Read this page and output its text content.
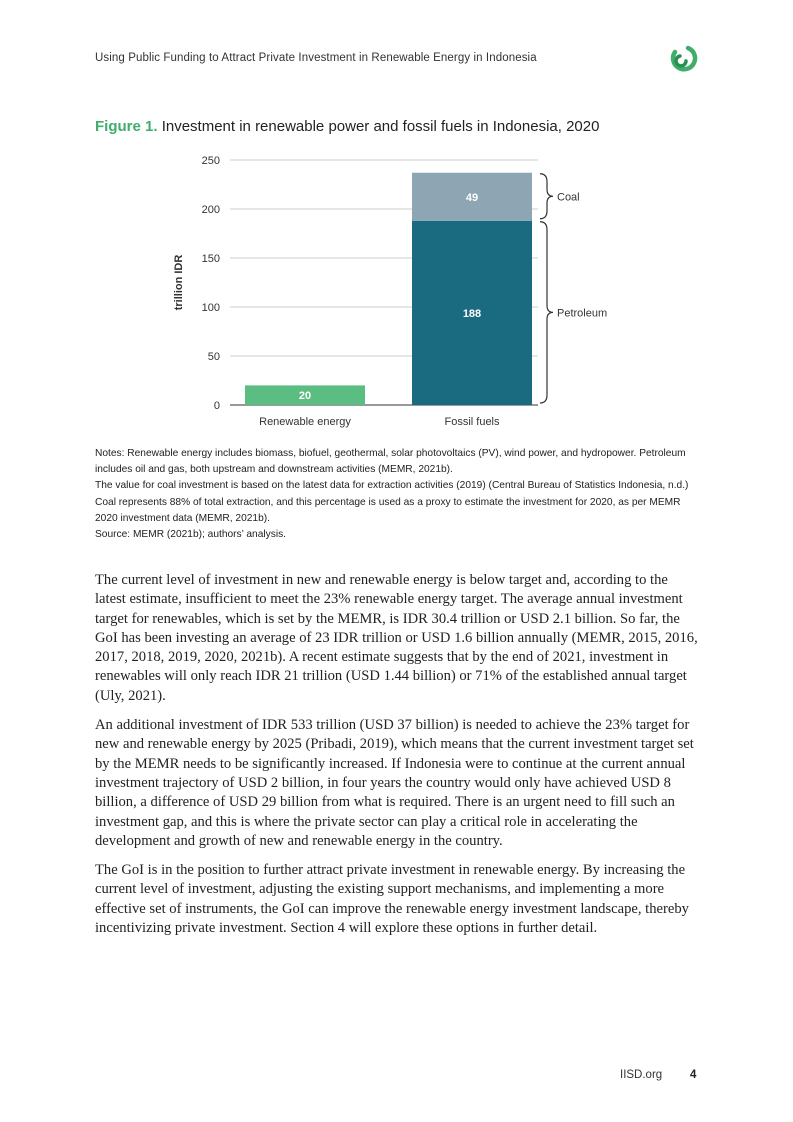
Using Public Funding to Attract Private Investment in Renewable Energy in Indonesia
Figure 1. Investment in renewable power and fossil fuels in Indonesia, 2020
0
50
100
150
200
250
trillion IDR
20
Renewable energy
188
49
Fossil fuels
Coal
Petroleum

Notes: Renewable energy includes biomass, biofuel, geothermal, solar photovoltaics (PV), wind power, and hydropower. Petroleum includes oil and gas, both upstream and downstream activities (MEMR, 2021b).

The value for coal investment is based on the latest data for extraction activities (2019) (Central Bureau of Statistics Indonesia, n.d.) Coal represents 88% of total extraction, and this percentage is used as a proxy to estimate the investment for 2020, as per MEMR 2020 investment data (MEMR, 2021b).

Source: MEMR (2021b); authors’ analysis.

The current level of investment in new and renewable energy is below target and, according to the latest estimate, insufficient to meet the 23% renewable energy target. The average annual investment target for renewables, which is set by the MEMR, is IDR 30.4 trillion or USD 2.1 billion. So far, the GoI has been investing an average of 23 IDR trillion or USD 1.6 billion annually (MEMR, 2015, 2016, 2017, 2018, 2019, 2020, 2021b). A recent estimate suggests that by the end of 2021, investment in renewables will only reach IDR 21 trillion (USD 1.44 billion) or 71% of the established annual target (Uly, 2021).

An additional investment of IDR 533 trillion (USD 37 billion) is needed to achieve the 23% target for new and renewable energy by 2025 (Pribadi, 2019), which means that the current investment target set by the MEMR needs to be significantly increased. If Indonesia were to continue at the current annual investment trajectory of USD 2 billion, in four years the country would only have achieved USD 8 billion, a difference of USD 29 billion from what is required. There is an urgent need to fill such an investment gap, and this is where the private sector can play a critical role in accelerating the development and growth of new and renewable energy in the country.

The GoI is in the position to further attract private investment in renewable energy. By increasing the current level of investment, adjusting the existing support mechanisms, and implementing a more effective set of instruments, the GoI can improve the renewable energy investment landscape, thereby incentivizing private investment. Section 4 will explore these options in further detail.

IISD.org 4
